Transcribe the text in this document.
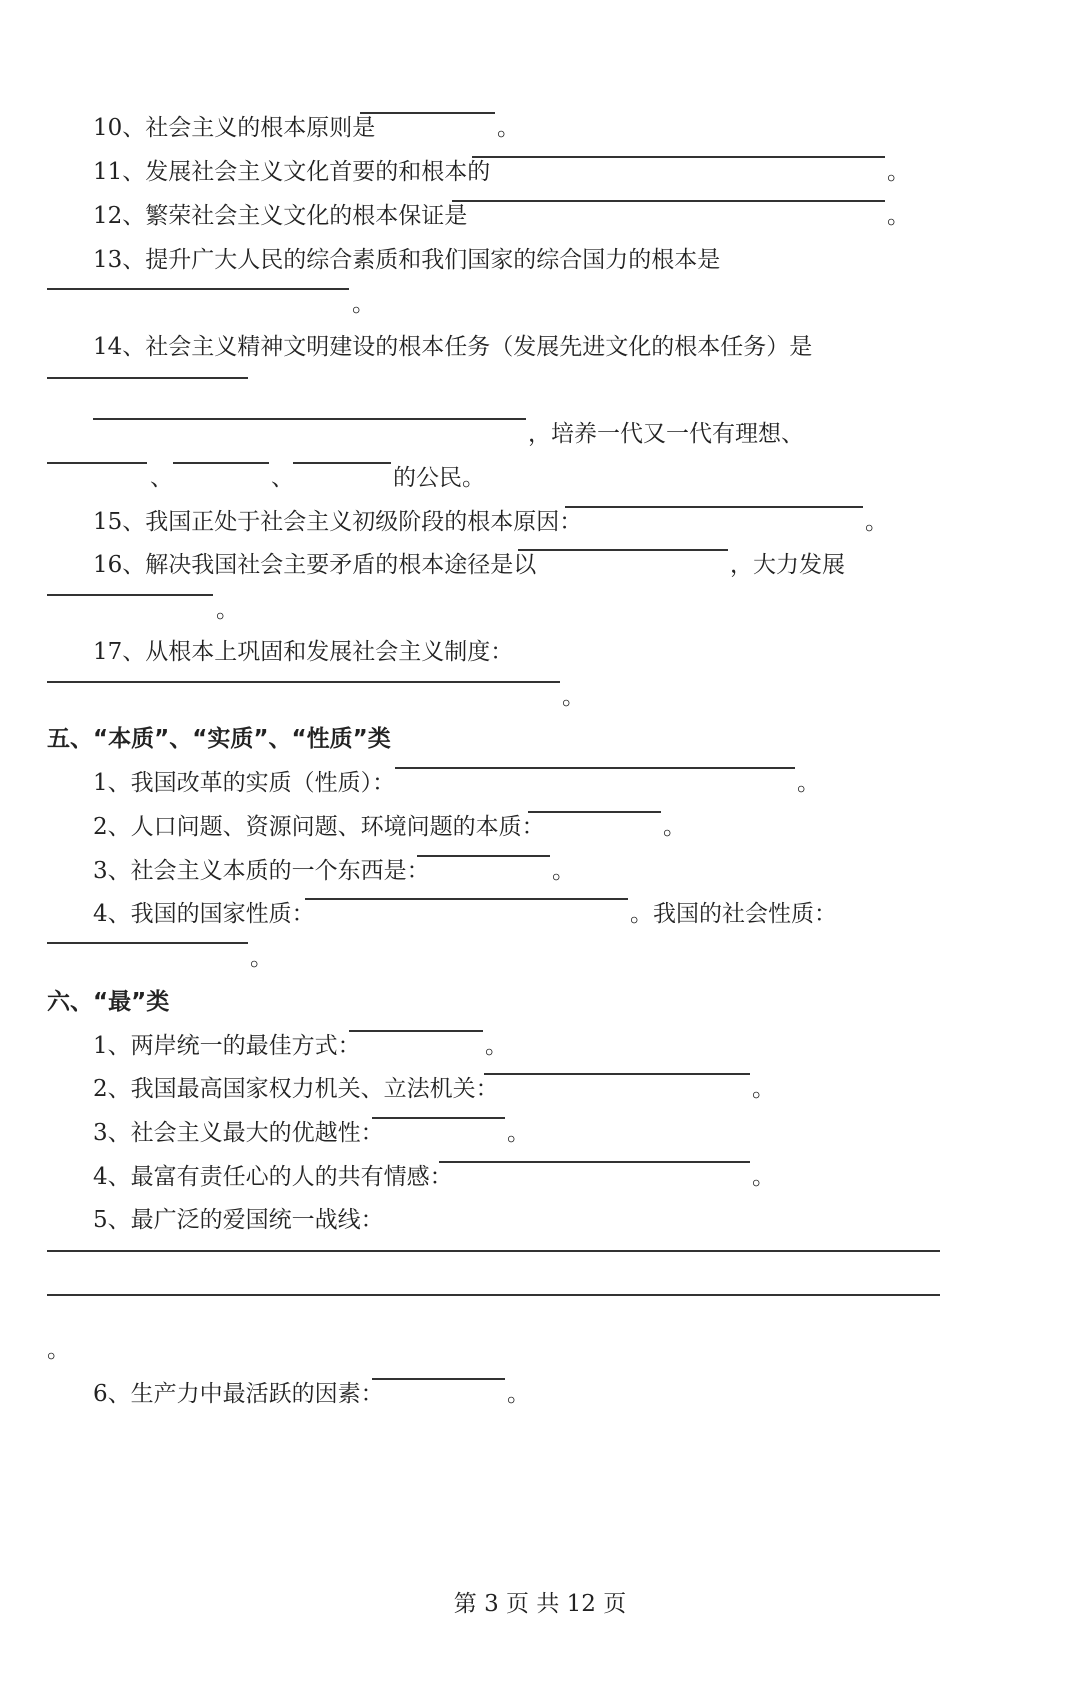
10、社会主义的根本原则是	。
11、发展社会主义文化首要的和根本的	。
12、繁荣社会主义文化的根本保证是	。
13、提升广大人民的综合素质和我们国家的综合国力的根本是
。
14、社会主义精神文明建设的根本任务（发展先进文化的根本任务）是
，培养一代又一代有理想、
、	、	的公民。
15、我国正处于社会主义初级阶段的根本原因：	。
16、解决我国社会主要矛盾的根本途径是以	，大力发展
。
17、从根本上巩固和发展社会主义制度：
。
五、“本质”、“实质”、“性质”类
1、我国改革的实质（性质）：	。
2、人口问题、资源问题、环境问题的本质：	。
3、社会主义本质的一个东西是：	。
4、我国的国家性质：	。我国的社会性质：
。
六、“最”类
1、两岸统一的最佳方式：	。
2、我国最高国家权力机关、立法机关：	。
3、社会主义最大的优越性：	。
4、最富有责任心的人的共有情感：	。
5、最广泛的爱国统一战线：
。
6、生产力中最活跃的因素：	。
第 3 页 共 12 页
